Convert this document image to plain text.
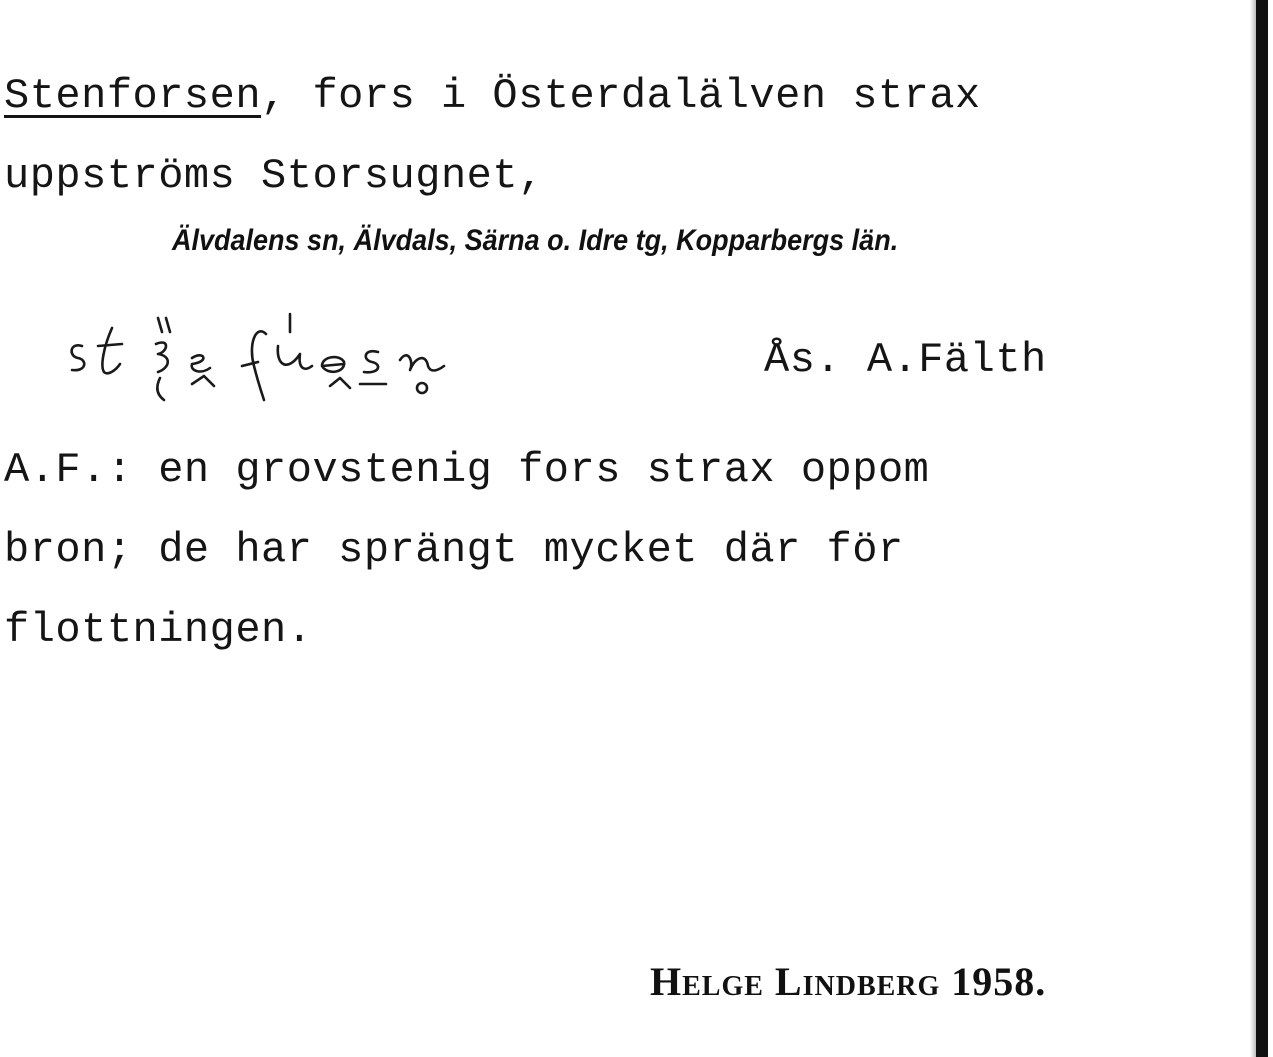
Stenforsen, fors i Österdalälven strax
uppströms Storsugnet,
Älvdalens sn, Älvdals, Särna o. Idre tg, Kopparbergs län.
Ås. A.Fälth
A.F.: en grovstenig fors strax oppom
bron; de har sprängt mycket där för
flottningen.
Helge Lindberg 1958.
